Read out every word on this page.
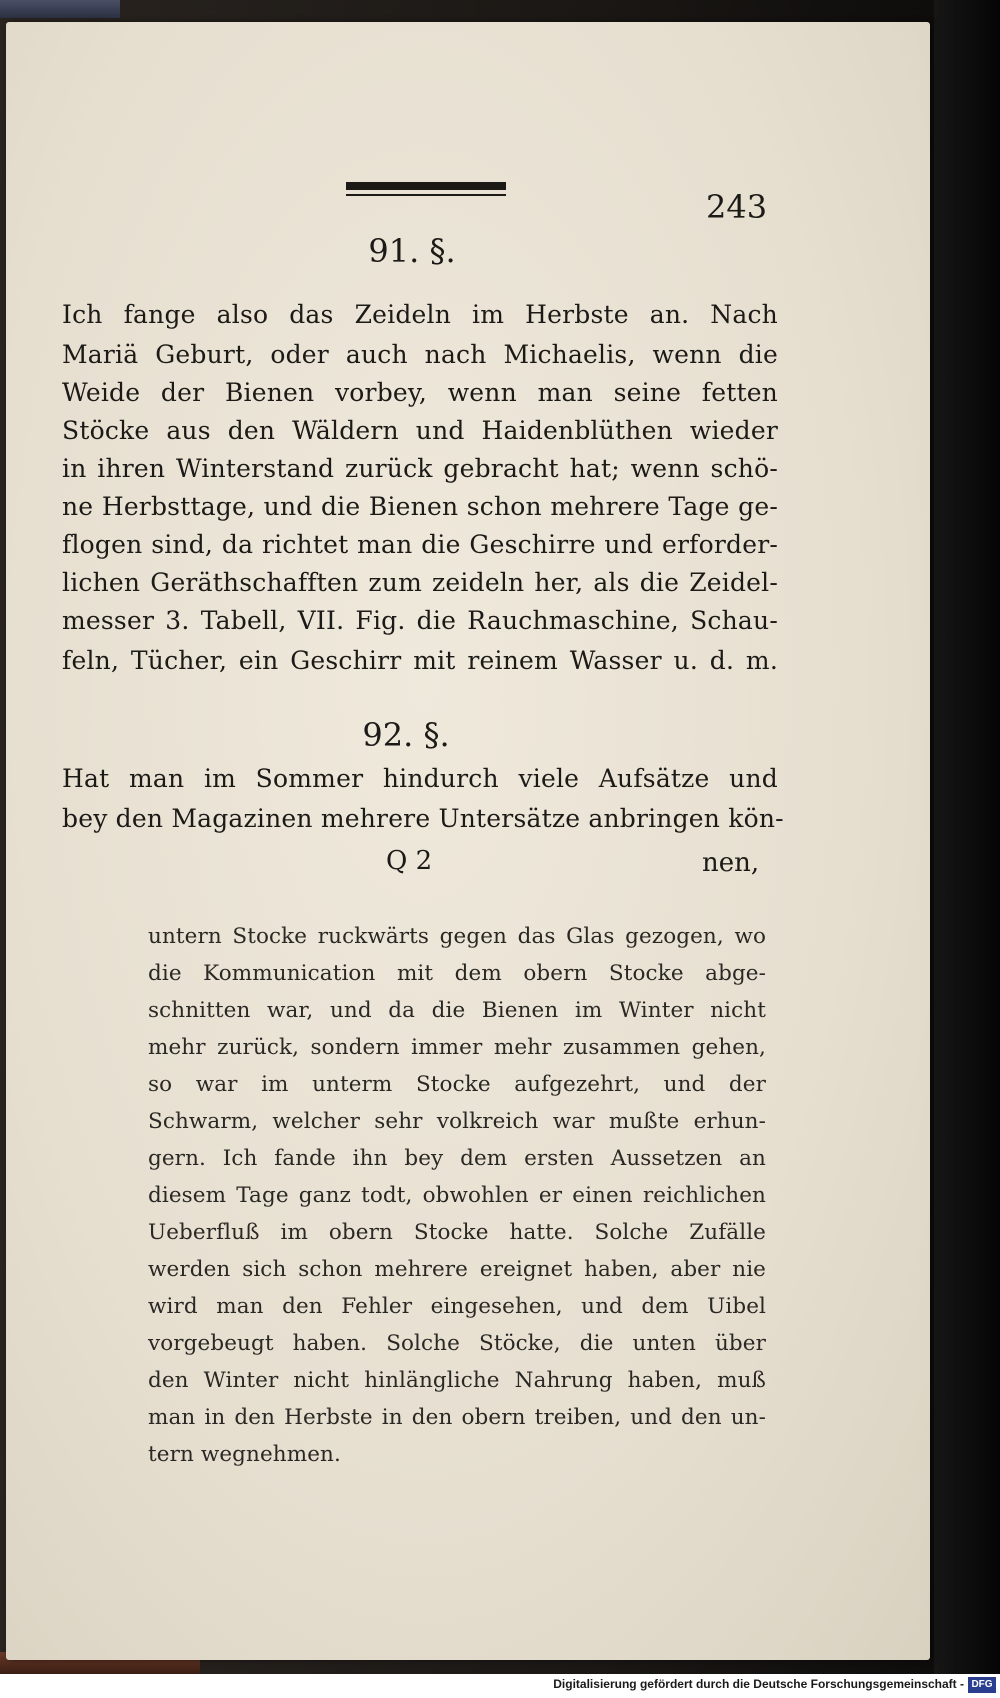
243
91. §.
Ich fange also das Zeideln im Herbste an. Nach
Mariä Geburt, oder auch nach Michaelis, wenn die
Weide der Bienen vorbey, wenn man seine fetten
Stöcke aus den Wäldern und Haidenblüthen wieder
in ihren Winterstand zurück gebracht hat; wenn schö-
ne Herbsttage, und die Bienen schon mehrere Tage ge-
flogen sind, da richtet man die Geschirre und erforder-
lichen Geräthschafften zum zeideln her, als die Zeidel-
messer 3. Tabell, VII. Fig. die Rauchmaschine, Schau-
feln, Tücher, ein Geschirr mit reinem Wasser u. d. m.
92. §.
Hat man im Sommer hindurch viele Aufsätze und
bey den Magazinen mehrere Untersätze anbringen kön-
Q 2	nen,
untern Stocke ruckwärts gegen das Glas gezogen, wo
die Kommunication mit dem obern Stocke abge-
schnitten war, und da die Bienen im Winter nicht
mehr zurück, sondern immer mehr zusammen gehen,
so war im unterm Stocke aufgezehrt, und der
Schwarm, welcher sehr volkreich war mußte erhun-
gern. Ich fande ihn bey dem ersten Aussetzen an
diesem Tage ganz todt, obwohlen er einen reichlichen
Ueberfluß im obern Stocke hatte. Solche Zufälle
werden sich schon mehrere ereignet haben, aber nie
wird man den Fehler eingesehen, und dem Uibel
vorgebeugt haben. Solche Stöcke, die unten über
den Winter nicht hinlängliche Nahrung haben, muß
man in den Herbste in den obern treiben, und den un-
tern wegnehmen.
Digitalisierung gefördert durch die Deutsche Forschungsgemeinschaft - DFG
